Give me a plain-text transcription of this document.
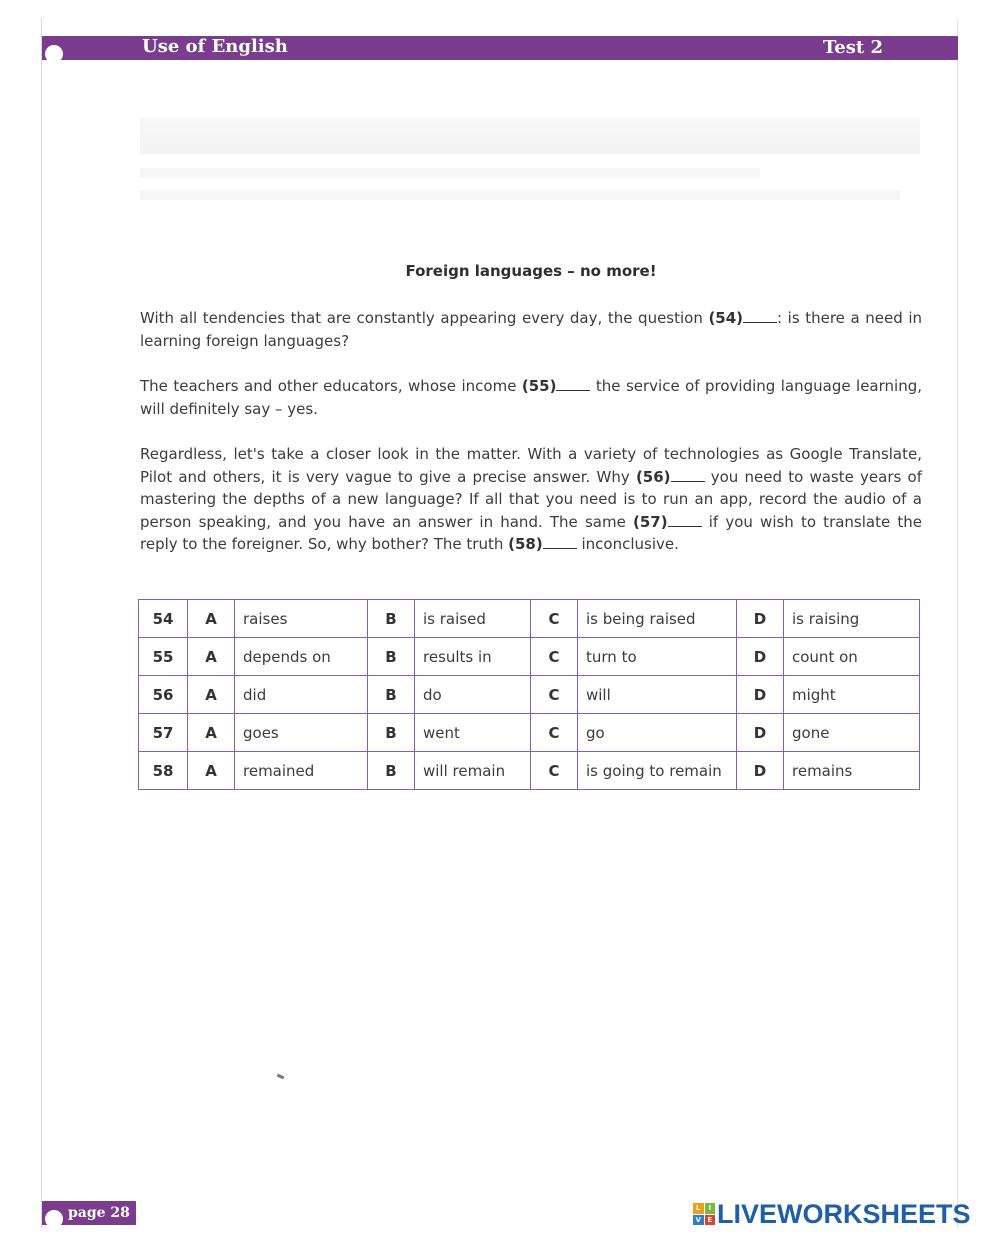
Use of English	Test 2
Foreign languages – no more!
With all tendencies that are constantly appearing every day, the question (54) : is there a need in learning foreign languages?
The teachers and other educators, whose income (55) the service of providing language learning, will definitely say – yes.
Regardless, let's take a closer look in the matter. With a variety of technologies as Google Translate, Pilot and others, it is very vague to give a precise answer. Why (56) you need to waste years of mastering the depths of a new language? If all that you need is to run an app, record the audio of a person speaking, and you have an answer in hand. The same (57) if you wish to translate the reply to the foreigner. So, why bother? The truth (58) inconclusive.
54	A	raises	B	is raised	C	is being raised	D	is raising
55	A	depends on	B	results in	C	turn to	D	count on
56	A	did	B	do	C	will	D	might
57	A	goes	B	went	C	go	D	gone
58	A	remained	B	will remain	C	is going to remain	D	remains
page 28	L	I
V E LIVEWORKSHEETS
